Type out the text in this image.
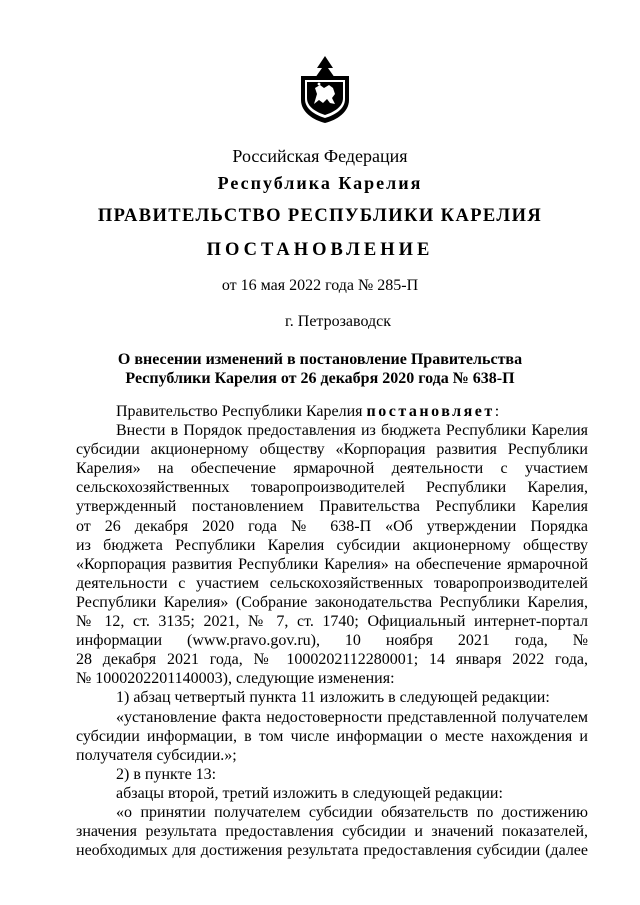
Российская Федерация
Республика Карелия
ПРАВИТЕЛЬСТВО РЕСПУБЛИКИ КАРЕЛИЯ
ПОСТАНОВЛЕНИЕ
от 16 мая 2022 года № 285-П
г. Петрозаводск
О внесении изменений в постановление Правительства
Республики Карелия от 26 декабря 2020 года № 638-П
Правительство Республики Карелия постановляет:
Внести в Порядок предоставления из бюджета Республики Карелия
субсидии акционерному обществу «Корпорация развития Республики
Карелия» на обеспечение ярмарочной деятельности с участием
сельскохозяйственных товаропроизводителей Республики Карелия,
утвержденный постановлением Правительства Республики Карелия
от 26 декабря 2020 года № 638-П «Об утверждении Порядка
из бюджета Республики Карелия субсидии акционерному обществу
«Корпорация развития Республики Карелия» на обеспечение ярмарочной
деятельности с участием сельскохозяйственных товаропроизводителей
Республики Карелия» (Собрание законодательства Республики Карелия,
№ 12, ст. 3135; 2021, № 7, ст. 1740; Официальный интернет-портал
информации (www.pravo.gov.ru), 10 ноября 2021 года, №
28 декабря 2021 года, № 1000202112280001; 14 января 2022 года,
№ 1000202201140003), следующие изменения:
1) абзац четвертый пункта 11 изложить в следующей редакции:
«установление факта недостоверности представленной получателем
субсидии информации, в том числе информации о месте нахождения и
получателя субсидии.»;
2) в пункте 13:
абзацы второй, третий изложить в следующей редакции:
«о принятии получателем субсидии обязательств по достижению
значения результата предоставления субсидии и значений показателей,
необходимых для достижения результата предоставления субсидии (далее
